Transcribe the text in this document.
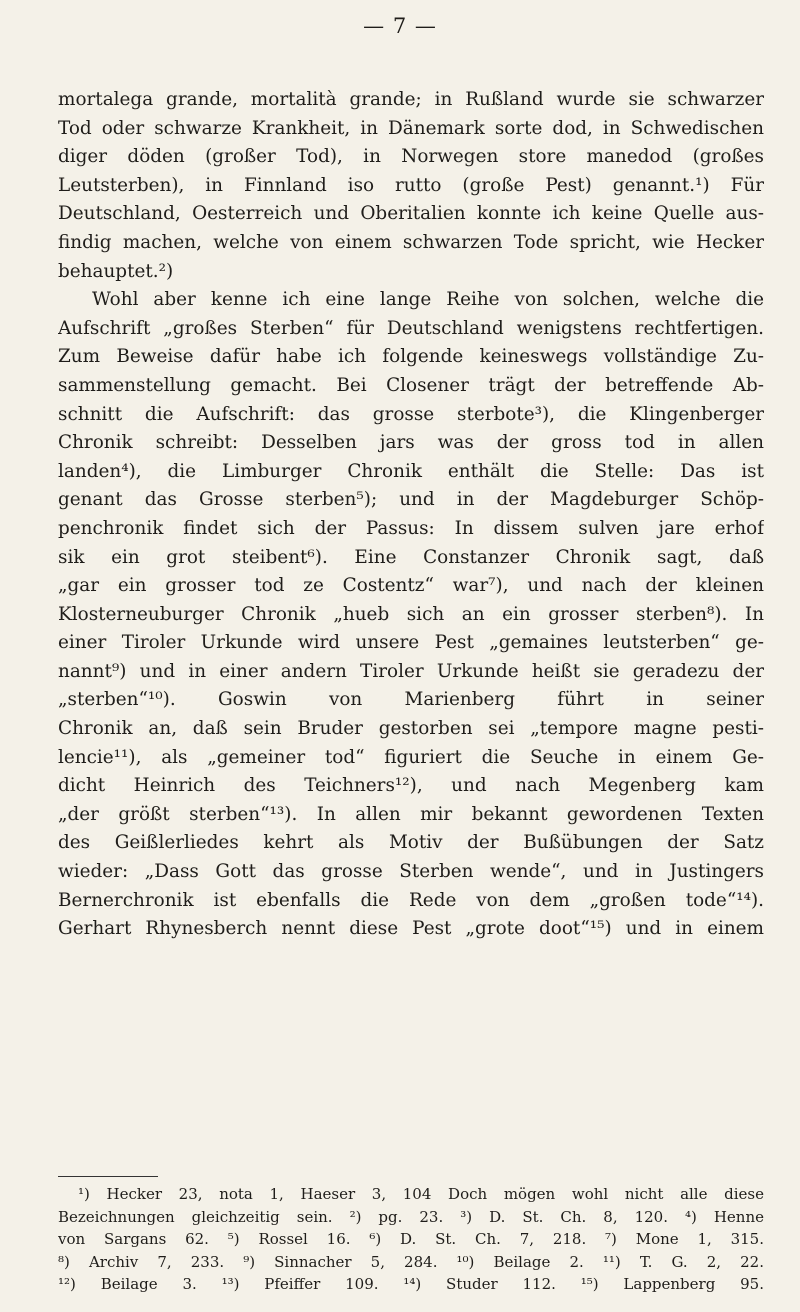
— 7 —

mortalega grande, mortalità grande; in Rußland wurde sie schwarzer

Tod oder schwarze Krankheit, in Dänemark sorte dod, in Schwedischen

diger döden (großer Tod), in Norwegen store manedod (großes

Leutsterben), in Finnland iso rutto (große Pest) genannt.¹) Für

Deutschland, Oesterreich und Oberitalien konnte ich keine Quelle aus-

findig machen, welche von einem schwarzen Tode spricht, wie Hecker

behauptet.²)

Wohl aber kenne ich eine lange Reihe von solchen, welche die

Aufschrift „großes Sterben“ für Deutschland wenigstens rechtfertigen.

Zum Beweise dafür habe ich folgende keineswegs vollständige Zu-

sammenstellung gemacht. Bei Closener trägt der betreffende Ab-

schnitt die Aufschrift: das grosse sterbote³), die Klingenberger

Chronik schreibt: Desselben jars was der gross tod in allen

landen⁴), die Limburger Chronik enthält die Stelle: Das ist

genant das Grosse sterben⁵); und in der Magdeburger Schöp-

penchronik findet sich der Passus: In dissem sulven jare erhof

sik ein grot steibent⁶). Eine Constanzer Chronik sagt, daß

„gar ein grosser tod ze Costentz“ war⁷), und nach der kleinen

Klosterneuburger Chronik „hueb sich an ein grosser sterben⁸). In

einer Tiroler Urkunde wird unsere Pest „gemaines leutsterben“ ge-

nannt⁹) und in einer andern Tiroler Urkunde heißt sie geradezu der

„sterben“¹⁰). Goswin von Marienberg führt in seiner

Chronik an, daß sein Bruder gestorben sei „tempore magne pesti-

lencie¹¹), als „gemeiner tod“ figuriert die Seuche in einem Ge-

dicht Heinrich des Teichners¹²), und nach Megenberg kam

„der größt sterben“¹³). In allen mir bekannt gewordenen Texten

des Geißlerliedes kehrt als Motiv der Bußübungen der Satz

wieder: „Dass Gott das grosse Sterben wende“, und in Justingers

Bernerchronik ist ebenfalls die Rede von dem „großen tode“¹⁴).

Gerhart Rhynesberch nennt diese Pest „grote doot“¹⁵) und in einem

¹) Hecker 23, nota 1, Haeser 3, 104 Doch mögen wohl nicht alle diese

Bezeichnungen gleichzeitig sein. ²) pg. 23. ³) D. St. Ch. 8, 120. ⁴) Henne

von Sargans 62. ⁵) Rossel 16. ⁶) D. St. Ch. 7, 218. ⁷) Mone 1, 315.

⁸) Archiv 7, 233. ⁹) Sinnacher 5, 284. ¹⁰) Beilage 2. ¹¹) T. G. 2, 22.

¹²) Beilage 3. ¹³) Pfeiffer 109. ¹⁴) Studer 112. ¹⁵) Lappenberg 95.
